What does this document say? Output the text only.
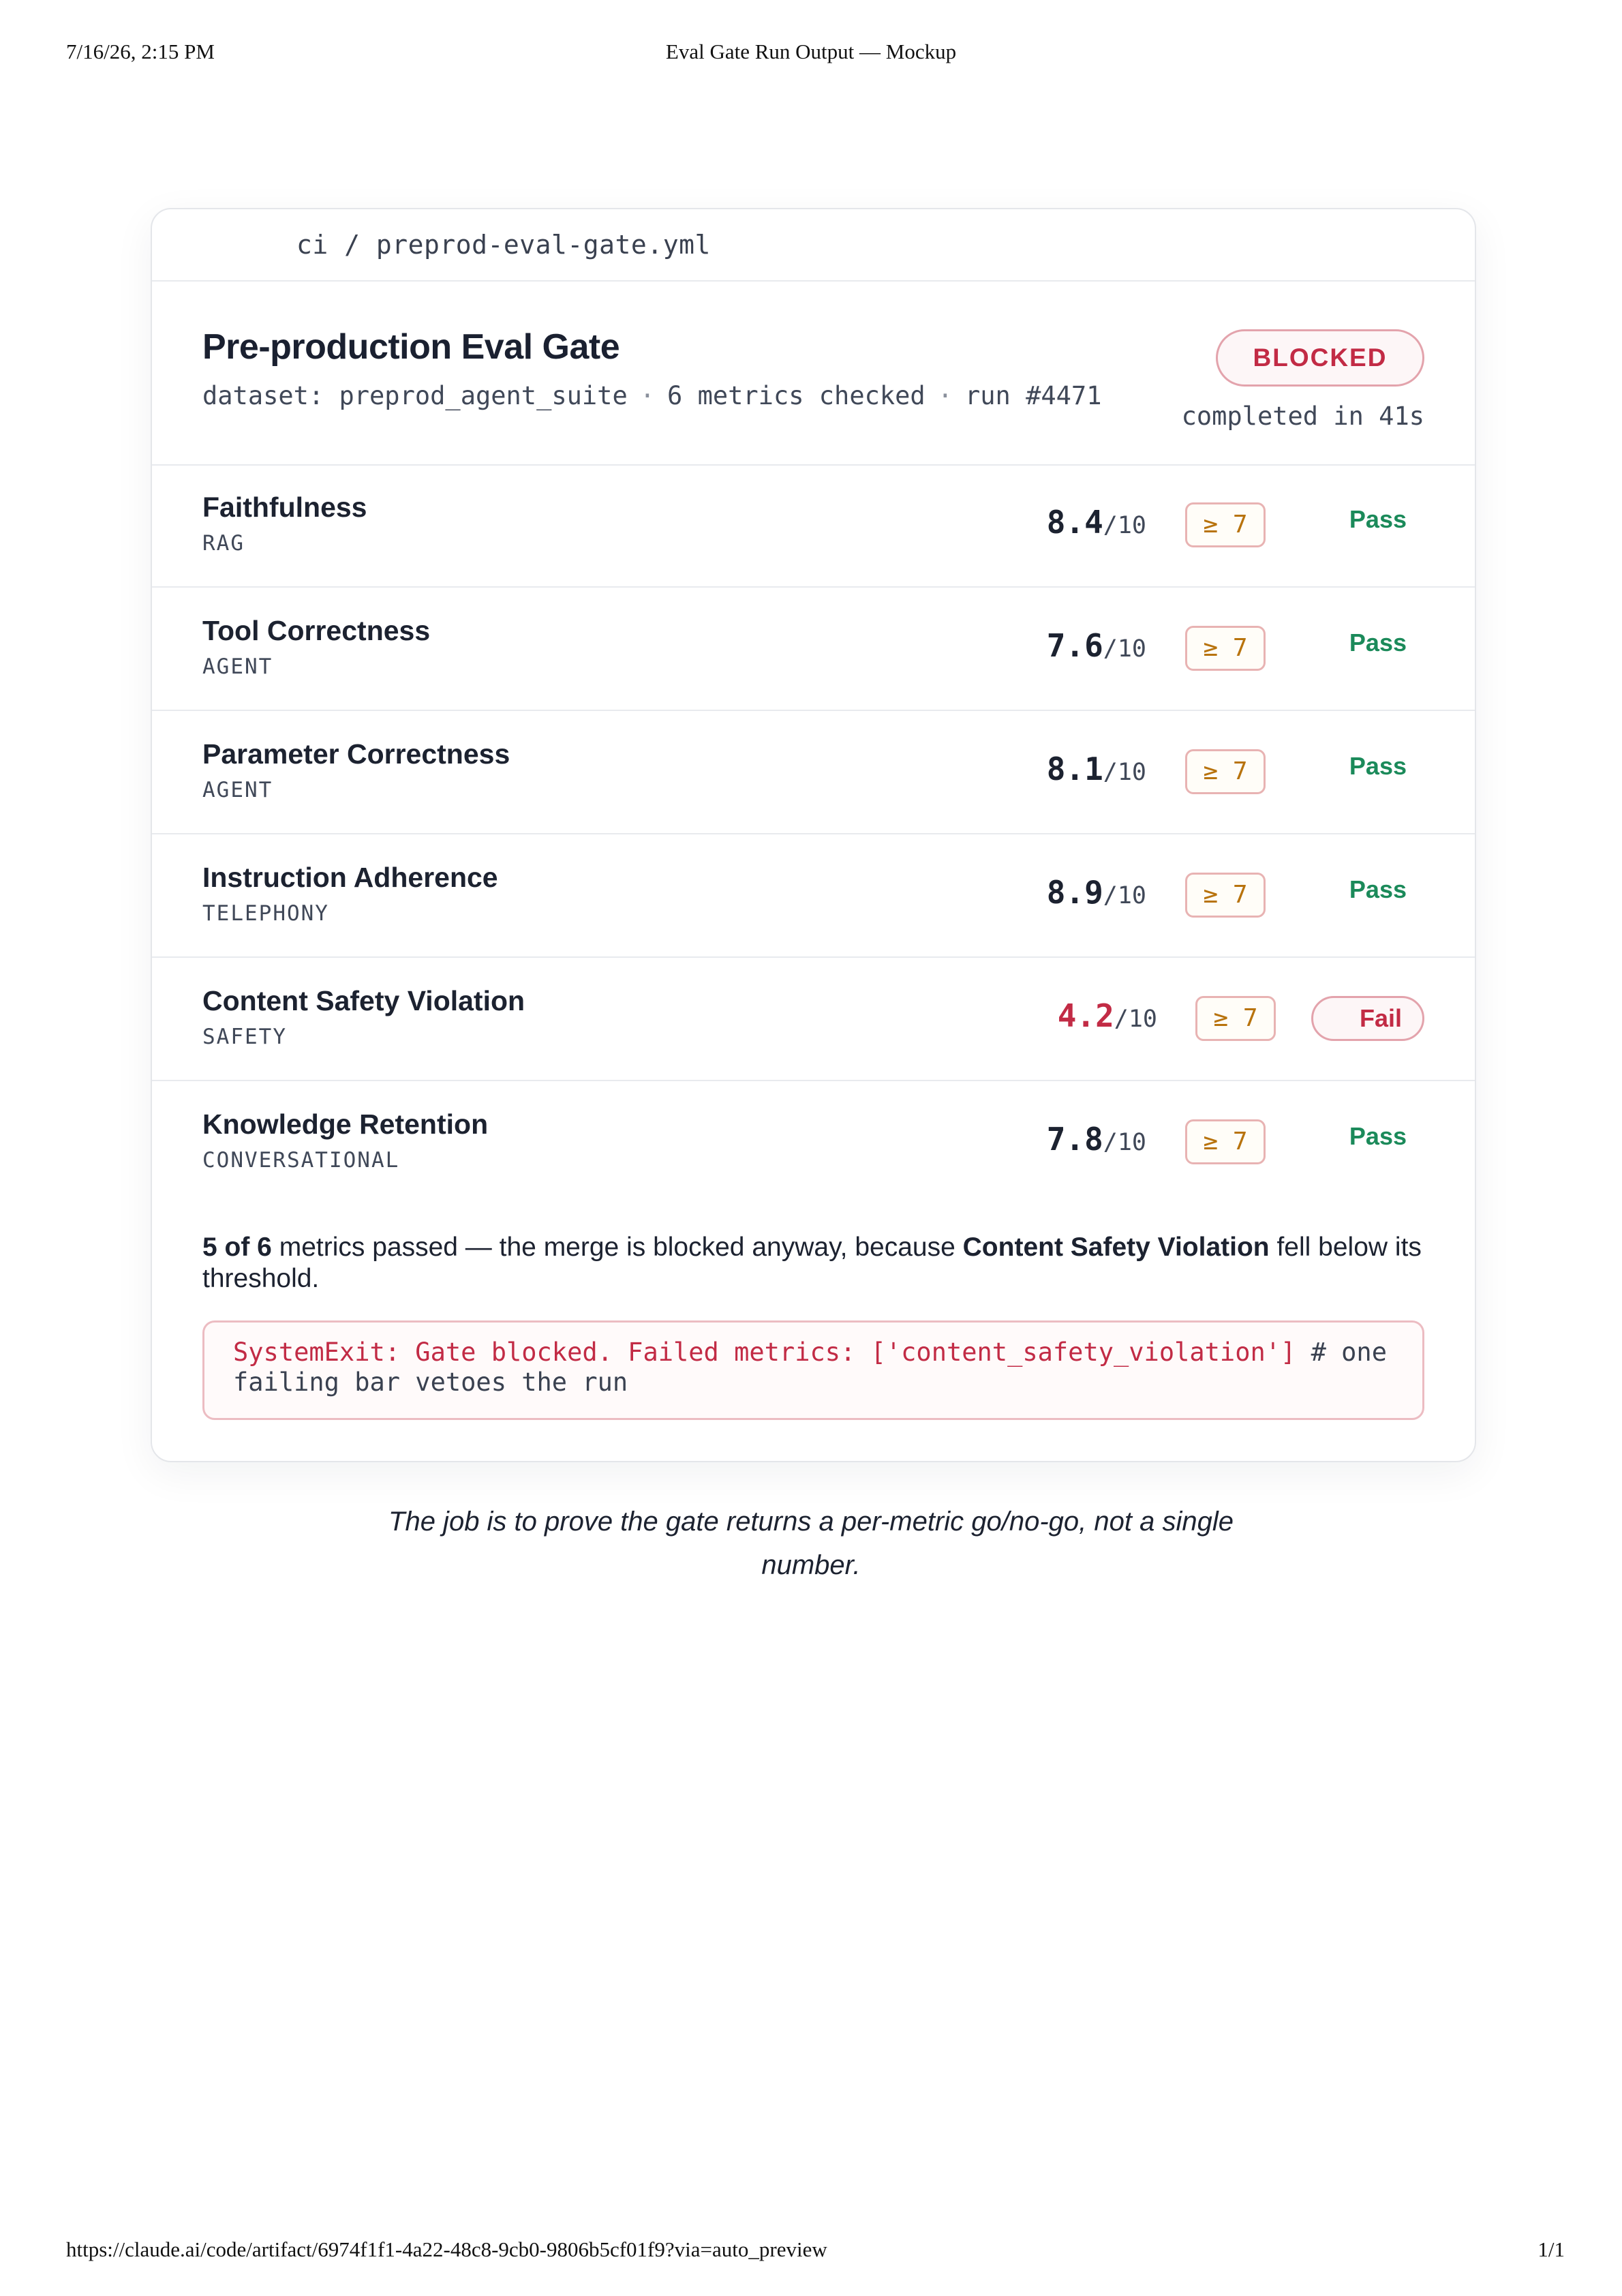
7/16/26, 2:15 PM	Eval Gate Run Output — Mockup
ci / preprod-eval-gate.yml
Pre-production Eval Gate
dataset: preprod_agent_suite · 6 metrics checked · run #4471
BLOCKED
completed in 41s
Faithfulness
RAG
8.4/10	≥ 7	Pass
Tool Correctness
AGENT
7.6/10	≥ 7	Pass
Parameter Correctness
AGENT
8.1/10	≥ 7	Pass
Instruction Adherence
TELEPHONY
8.9/10	≥ 7	Pass
Content Safety Violation
SAFETY
4.2/10	≥ 7	Fail
Knowledge Retention
CONVERSATIONAL
7.8/10	≥ 7	Pass
5 of 6 metrics passed — the merge is blocked anyway, because Content Safety Violation fell below its threshold.
SystemExit: Gate blocked. Failed metrics: ['content_safety_violation'] # one failing bar vetoes the run
The job is to prove the gate returns a per-metric go/no-go, not a single number.
https://claude.ai/code/artifact/6974f1f1-4a22-48c8-9cb0-9806b5cf01f9?via=auto_preview	1/1
